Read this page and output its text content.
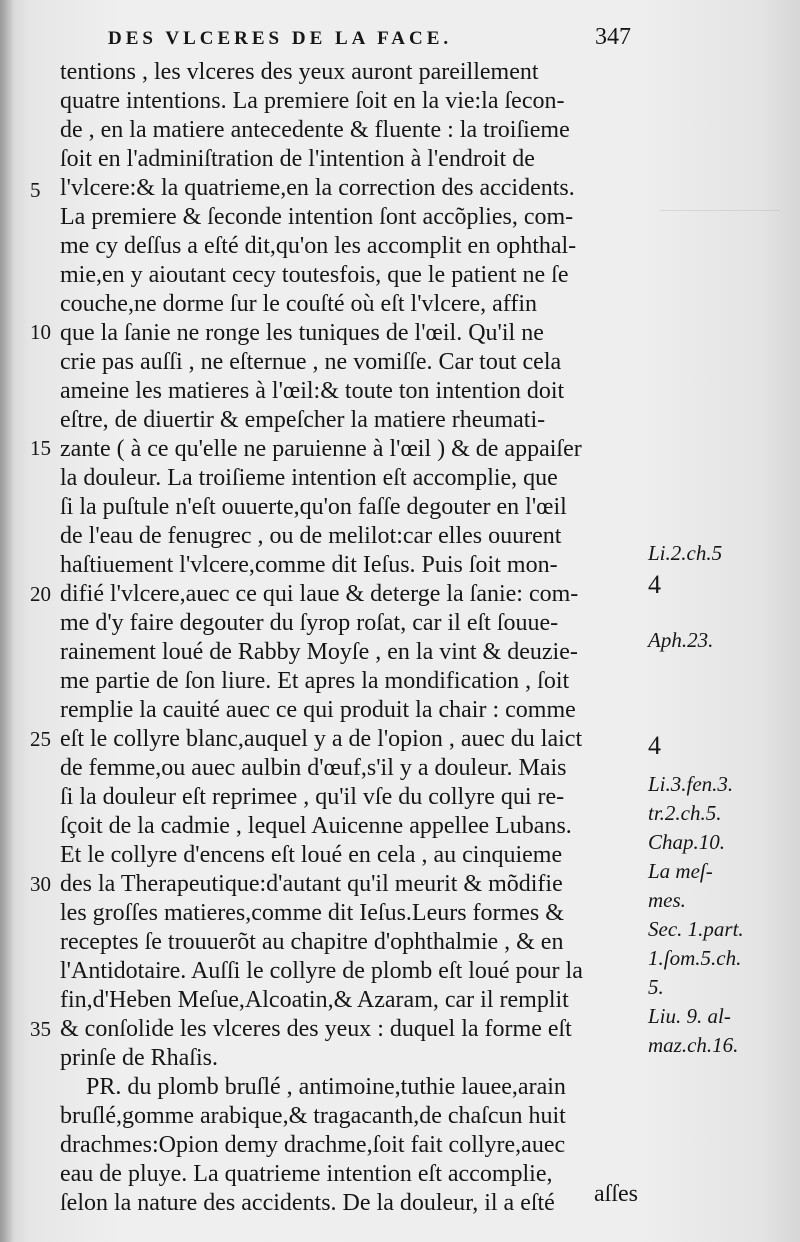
DES VLCERES DE LA FACE.	347
tentions , les vlceres des yeux auront pareillement
quatre intentions. La premiere ſoit en la vie:la ſecon-
de , en la matiere antecedente & fluente : la troiſieme
ſoit en l'adminiſtration de l'intention à l'endroit de
l'vlcere:& la quatrieme,en la correction des accidents.
La premiere & ſeconde intention ſont accõplies, com-
me cy deſſus a eſté dit,qu'on les accomplit en ophthal-
mie,en y aioutant cecy toutesfois, que le patient ne ſe
couche,ne dorme ſur le couſté où eſt l'vlcere, affin
que la ſanie ne ronge les tuniques de l'œil. Qu'il ne
crie pas auſſi , ne eſternue , ne vomiſſe. Car tout cela
ameine les matieres à l'œil:& toute ton intention doit
eſtre, de diuertir & empeſcher la matiere rheumati-
zante ( à ce qu'elle ne paruienne à l'œil ) & de appaiſer
la douleur. La troiſieme intention eſt accomplie, que
ſi la puſtule n'eſt ouuerte,qu'on faſſe degouter en l'œil
de l'eau de fenugrec , ou de melilot:car elles ouurent
haſtiuement l'vlcere,comme dit Ieſus. Puis ſoit mon-
difié l'vlcere,auec ce qui laue & deterge la ſanie: com-
me d'y faire degouter du ſyrop roſat, car il eſt ſouue-
rainement loué de Rabby Moyſe , en la vint & deuzie-
me partie de ſon liure. Et apres la mondification , ſoit
remplie la cauité auec ce qui produit la chair : comme
eſt le collyre blanc,auquel y a de l'opion , auec du laict
de femme,ou auec aulbin d'œuf,s'il y a douleur. Mais
ſi la douleur eſt reprimee , qu'il vſe du collyre qui re-
ſçoit de la cadmie , lequel Auicenne appellee Lubans.
Et le collyre d'encens eſt loué en cela , au cinquieme
des la Therapeutique:d'autant qu'il meurit & mõdifie
les groſſes matieres,comme dit Ieſus.Leurs formes &
receptes ſe trouuerõt au chapitre d'ophthalmie , & en
l'Antidotaire. Auſſi le collyre de plomb eſt loué pour la
fin,d'Heben Meſue,Alcoatin,& Azaram, car il remplit
& conſolide les vlceres des yeux : duquel la forme eſt
prinſe de Rhaſis.
PR. du plomb bruſlé , antimoine,tuthie lauee,arain
bruſlé,gomme arabique,& tragacanth,de chaſcun huit
drachmes:Opion demy drachme,ſoit fait collyre,auec
eau de pluye. La quatrieme intention eſt accomplie,
ſelon la nature des accidents. De la douleur, il a eſté
5
10
15
20
25
30
35
Li.2.ch.5
4
Aph.23.
4
Li.3.fen.3.
tr.2.ch.5.
Chap.10.
La meſ-
mes.
Sec. 1.part.
1.ſom.5.ch.
5.
Liu. 9. al-
maz.ch.16.
aſſes
